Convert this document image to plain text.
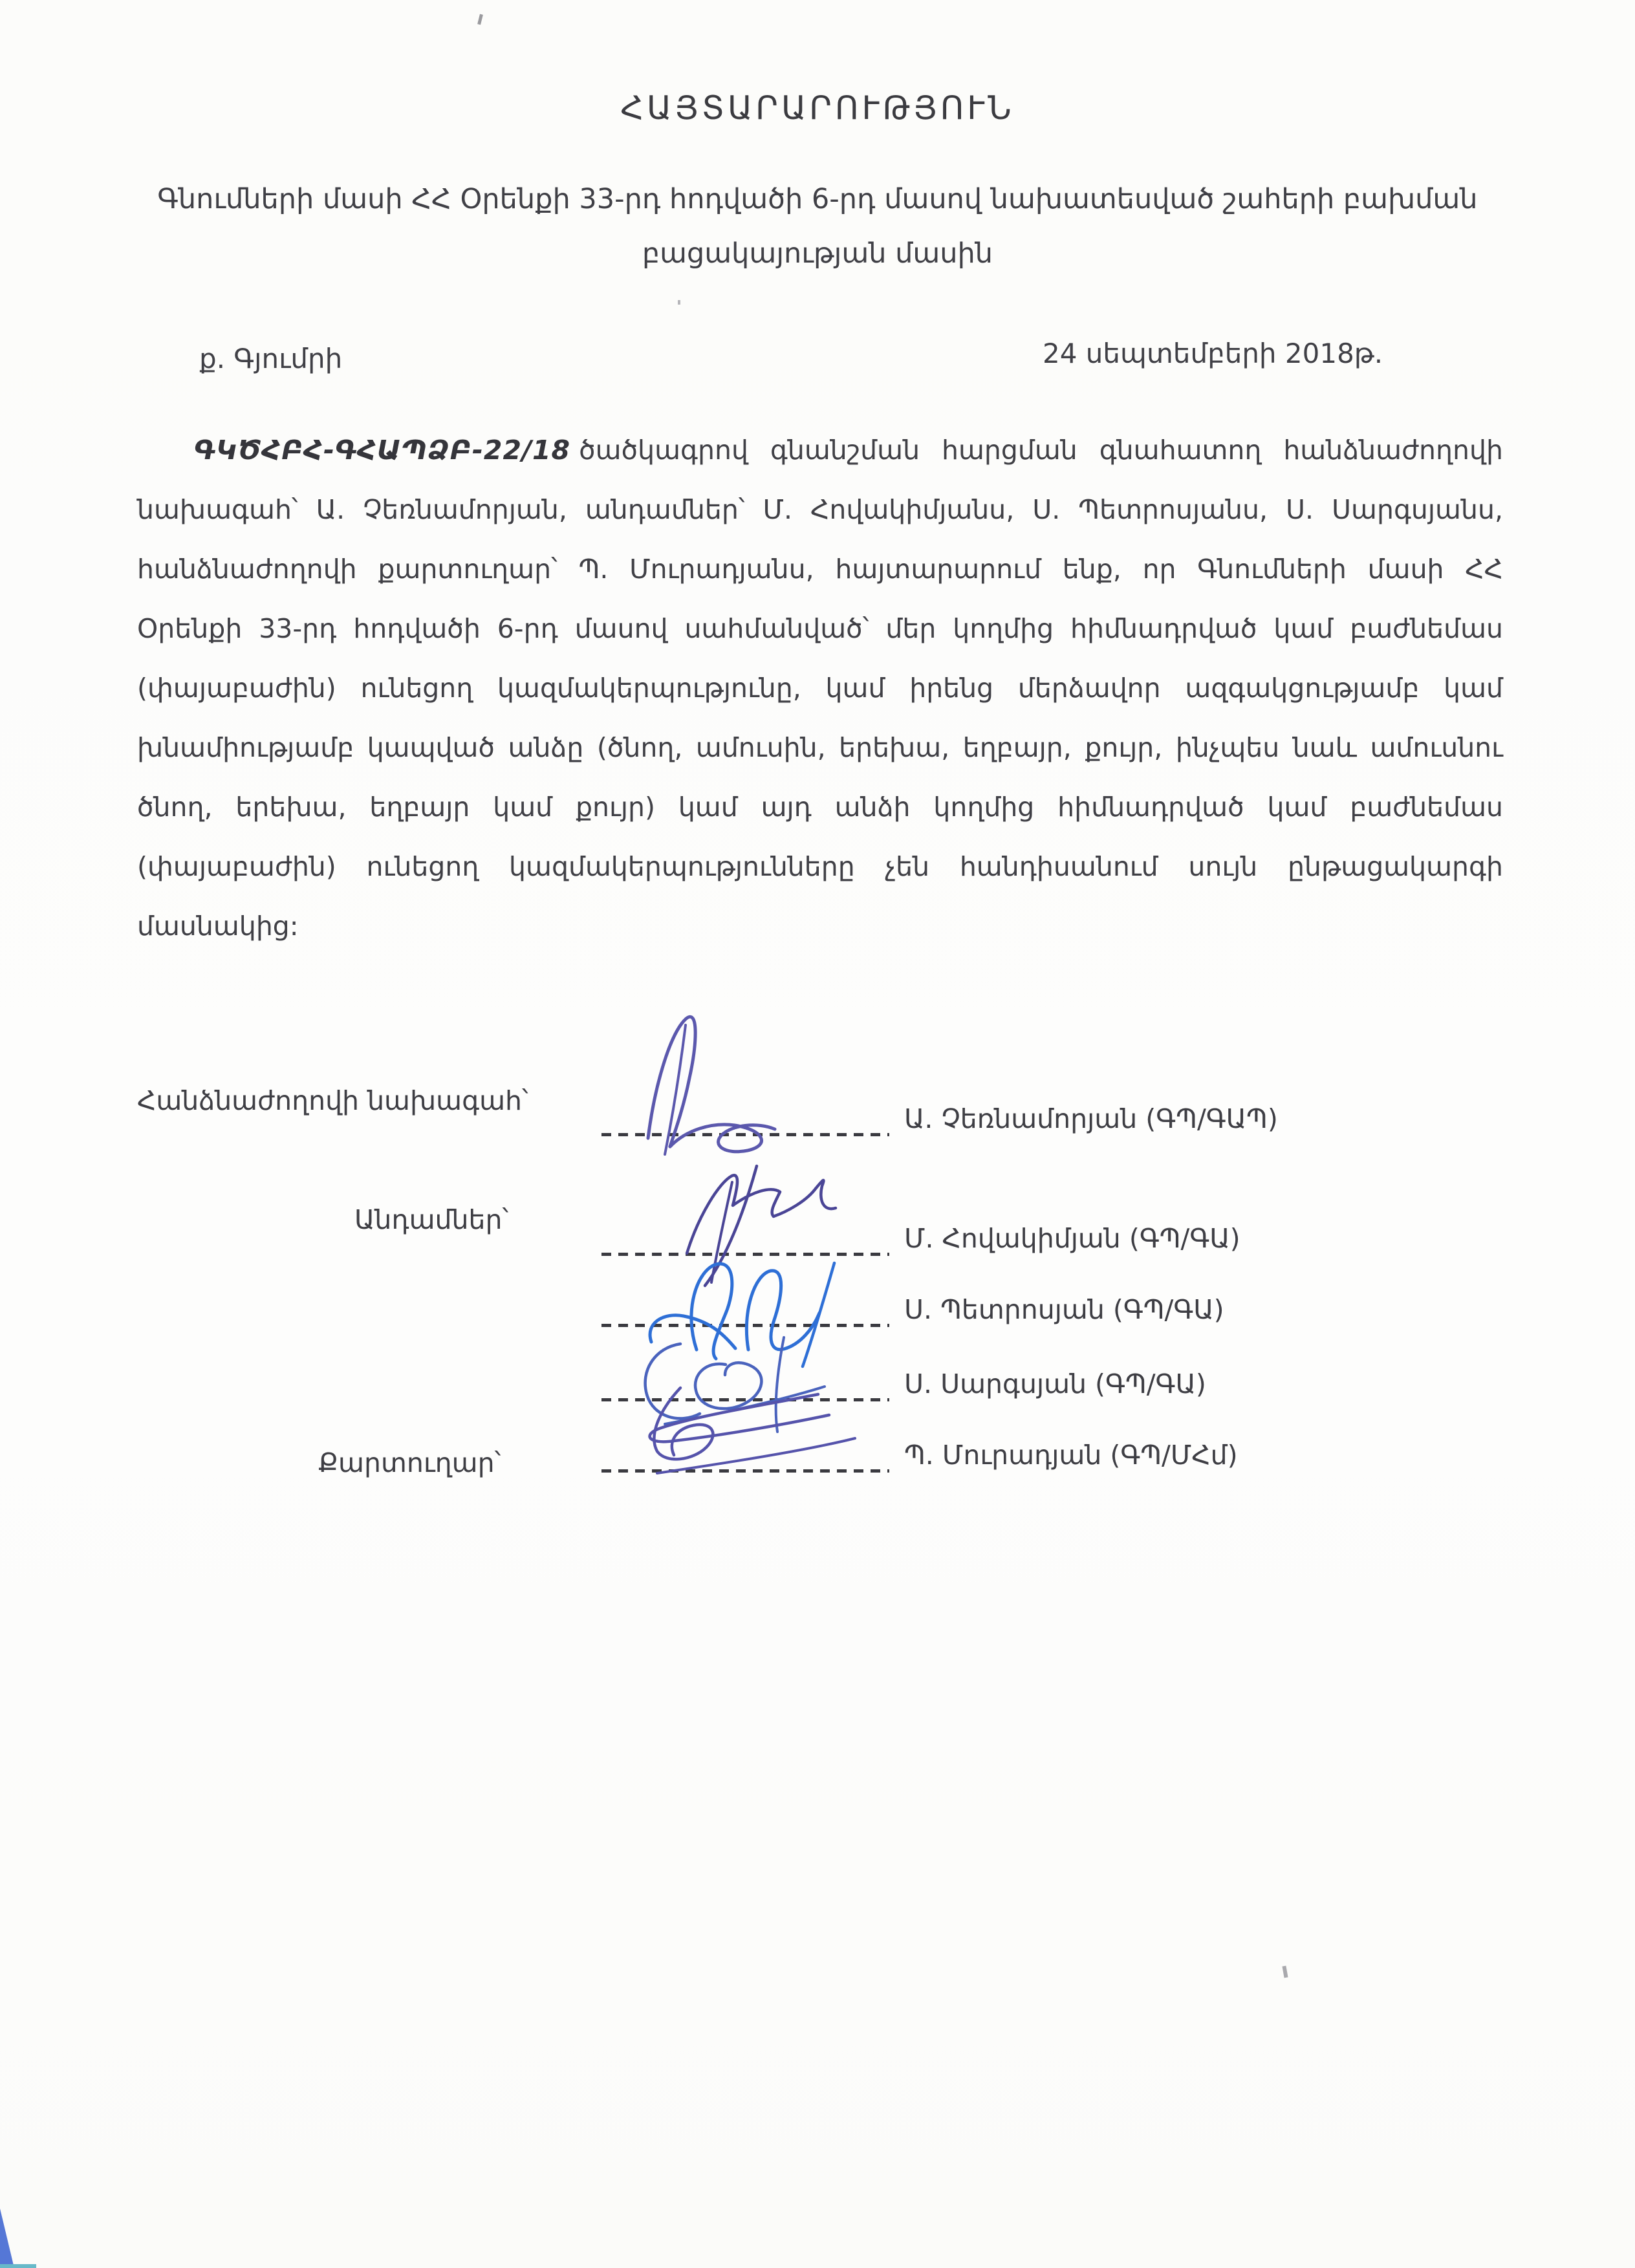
ՀԱՅՏԱՐԱՐՈՒԹՅՈՒՆ
Գնումների մասի ՀՀ Օրենքի 33-րդ հոդվածի 6-րդ մասով նախատեսված շահերի բախման բացակայության մասին
ք. Գյումրի	24 սեպտեմբերի 2018թ.
ԳԿԾՀԲՀ-ԳՀԱՊՁԲ-22/18 ծածկագրով գնանշման հարցման գնահատող հանձնաժողովի նախագահ՝ Ա. Չեռնամորյան, անդամներ՝ Մ. Հովակիմյանս, Ս. Պետրոսյանս, Ս. Սարգսյանս, հանձնաժողովի քարտուղար՝ Պ. Մուրադյանս, հայտարարում ենք, որ Գնումների մասի ՀՀ Օրենքի 33-րդ հոդվածի 6-րդ մասով սահմանված՝ մեր կողմից հիմնադրված կամ բաժնեմաս (փայաբաժին) ունեցող կազմակերպությունը, կամ իրենց մերձավոր ազգակցությամբ կամ խնամիությամբ կապված անձը (ծնող, ամուսին, երեխա, եղբայր, քույր, ինչպես նաև ամուսնու ծնող, երեխա, եղբայր կամ քույր) կամ այդ անձի կողմից հիմնադրված կամ բաժնեմաս (փայաբաժին) ունեցող կազմակերպությունները չեն հանդիսանում սույն ընթացակարգի մասնակից:
Հանձնաժողովի նախագահ՝
Ա. Չեռնամորյան (ԳՊ/ԳԱՊ)
Անդամներ՝
Մ. Հովակիմյան (ԳՊ/ԳԱ)
Ս. Պետրոսյան (ԳՊ/ԳԱ)
Ս. Սարգսյան (ԳՊ/ԳԱ)
Քարտուղար՝	Պ. Մուրադյան (ԳՊ/ՄՀմ)
